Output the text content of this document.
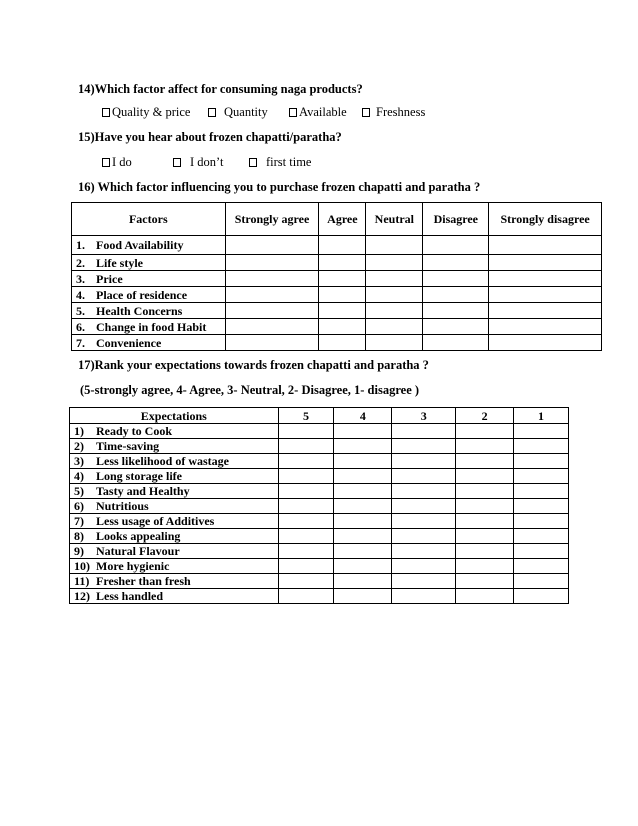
14)Which factor affect for consuming naga products?
Quality & price	Quantity	Available Freshness
15)Have you hear about frozen chapatti/paratha?
I do	I don’t	first time
16) Which factor influencing you to purchase frozen chapatti and paratha ?
Factors	Strongly agree	Agree	Neutral	Disagree	Strongly disagree
1. Food Availability					
2. Life style					
3. Price					
4. Place of residence					
5. Health Concerns					
6. Change in food Habit					
7. Convenience					
17)Rank your expectations towards frozen chapatti and paratha ?
(5-strongly agree, 4- Agree, 3- Neutral, 2- Disagree, 1- disagree )
Expectations	5	4	3	2	1
1) Ready to Cook					
2) Time-saving					
3) Less likelihood of wastage					
4) Long storage life					
5) Tasty and Healthy					
6) Nutritious					
7) Less usage of Additives					
8) Looks appealing					
9) Natural Flavour					
10) More hygienic					
11) Fresher than fresh					
12) Less handled					
